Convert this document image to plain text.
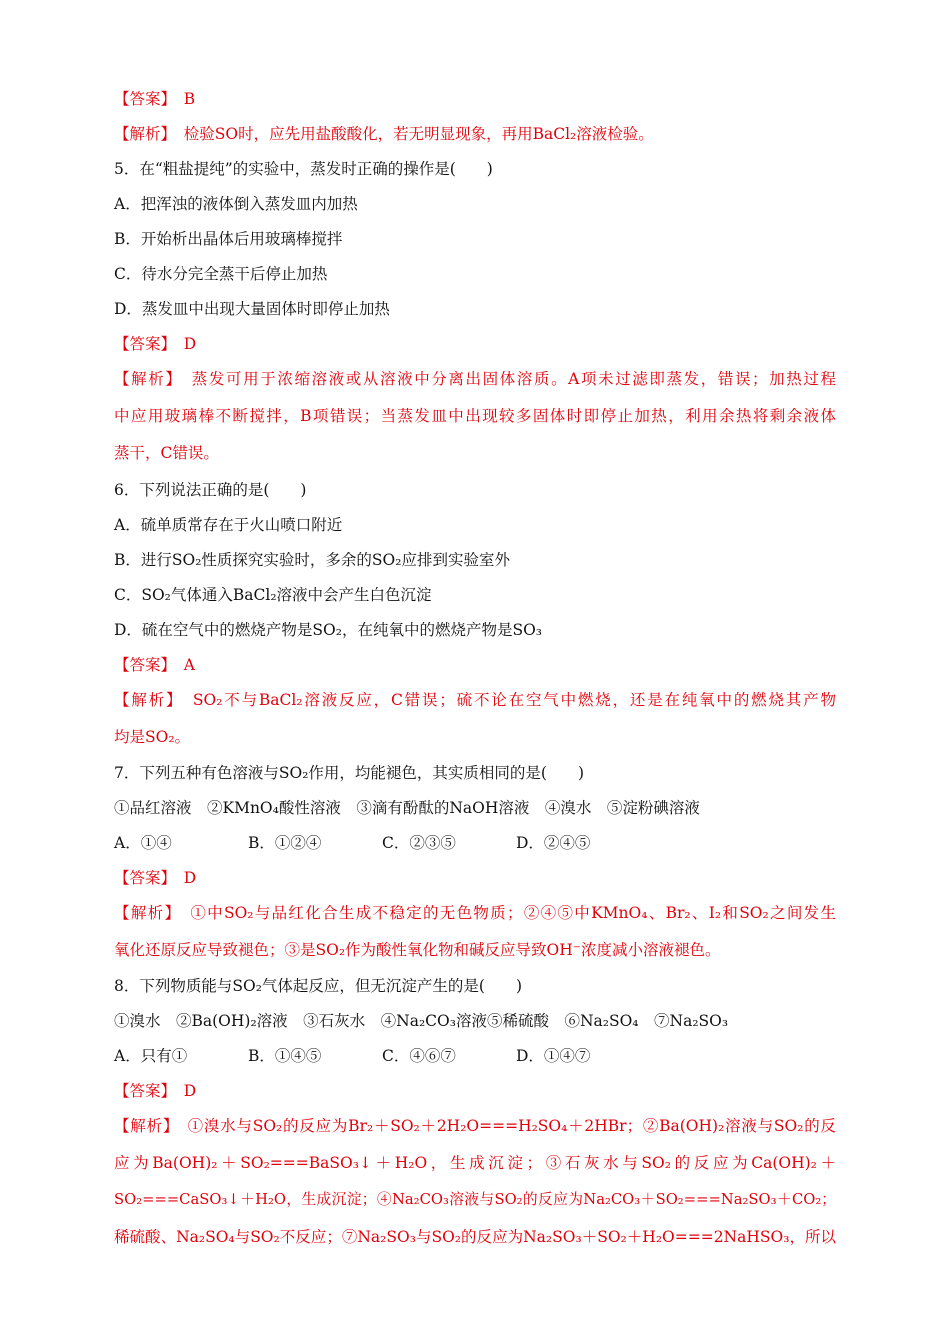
【答案】　B
【解析】　检验SO时，应先用盐酸酸化，若无明显现象，再用BaCl₂溶液检验。
5．在“粗盐提纯”的实验中，蒸发时正确的操作是(　　)
A．把浑浊的液体倒入蒸发皿内加热
B．开始析出晶体后用玻璃棒搅拌
C．待水分完全蒸干后停止加热
D．蒸发皿中出现大量固体时即停止加热
【答案】　D
【解析】　蒸发可用于浓缩溶液或从溶液中分离出固体溶质。A项未过滤即蒸发，错误；加热过程
中应用玻璃棒不断搅拌，B项错误；当蒸发皿中出现较多固体时即停止加热，利用余热将剩余液体
蒸干，C错误。
6．下列说法正确的是(　　)
A．硫单质常存在于火山喷口附近
B．进行SO₂性质探究实验时，多余的SO₂应排到实验室外
C．SO₂气体通入BaCl₂溶液中会产生白色沉淀
D．硫在空气中的燃烧产物是SO₂，在纯氧中的燃烧产物是SO₃
【答案】　A
【解析】　SO₂不与BaCl₂溶液反应，C错误；硫不论在空气中燃烧，还是在纯氧中的燃烧其产物
均是SO₂。
7．下列五种有色溶液与SO₂作用，均能褪色，其实质相同的是(　　)
①品红溶液　②KMnO₄酸性溶液　③滴有酚酞的NaOH溶液　④溴水　⑤淀粉碘溶液
A．①④	B．①②④	C．②③⑤	D．②④⑤
【答案】　D
【解析】　①中SO₂与品红化合生成不稳定的无色物质；②④⑤中KMnO₄、Br₂、I₂和SO₂之间发生
氧化还原反应导致褪色；③是SO₂作为酸性氧化物和碱反应导致OH⁻浓度减小溶液褪色。
8．下列物质能与SO₂气体起反应，但无沉淀产生的是(　　)
①溴水　②Ba(OH)₂溶液　③石灰水　④Na₂CO₃溶液⑤稀硫酸　⑥Na₂SO₄　⑦Na₂SO₃
A．只有①	B．①④⑤	C．④⑥⑦	D．①④⑦
【答案】　D
【解析】　①溴水与SO₂的反应为Br₂＋SO₂＋2H₂O===H₂SO₄＋2HBr；②Ba(OH)₂溶液与SO₂的反
应为Ba(OH)₂＋SO₂===BaSO₃↓＋H₂O，生成沉淀；③石灰水与SO₂的反应为Ca(OH)₂＋
SO₂===CaSO₃↓＋H₂O，生成沉淀；④Na₂CO₃溶液与SO₂的反应为Na₂CO₃＋SO₂===Na₂SO₃＋CO₂；
稀硫酸、Na₂SO₄与SO₂不反应；⑦Na₂SO₃与SO₂的反应为Na₂SO₃＋SO₂＋H₂O===2NaHSO₃，所以
